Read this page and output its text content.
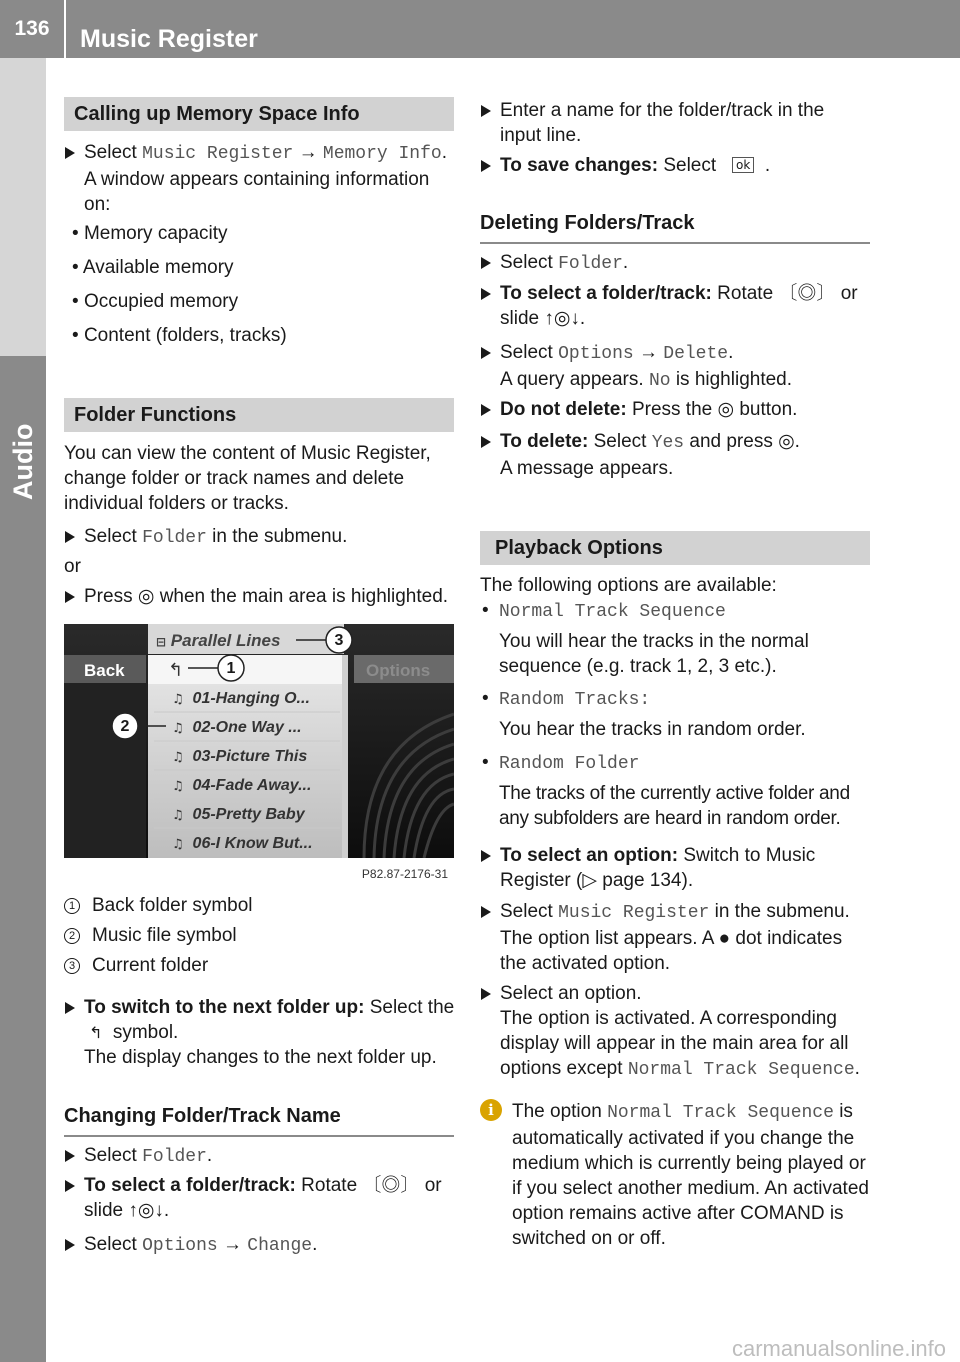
136	Music Register
Audio
Calling up Memory Space Info
Select Music Register → Memory Info.
A window appears containing information on:
• Memory capacity
• Available memory
• Occupied memory
• Content (folders, tracks)
Folder Functions
You can view the content of Music Register, change folder or track names and delete individual folders or tracks.
Select Folder in the submenu.
or
Press ◎ when the main area is highlighted.
Back	Options
⊟ Parallel Lines
↰
♫ 01-Hanging O...
♫ 02-One Way ...
♫ 03-Picture This
♫ 04-Fade Away...
♫ 05-Pretty Baby
♫ 06-I Know But...
1
2
3
P82.87-2176-31
1 Back folder symbol
2 Music file symbol
3 Current folder
To switch to the next folder up: Select the  ↰  symbol.
The display changes to the next folder up.
Changing Folder/Track Name
Select Folder.
To select a folder/track: Rotate 〔◎〕 or slide ↑◎↓.
Select Options → Change.
Enter a name for the folder/track in the input line.
To save changes: Select ok .
Deleting Folders/Track
Select Folder.
To select a folder/track: Rotate 〔◎〕 or slide ↑◎↓.
Select Options → Delete.
A query appears. No is highlighted.
Do not delete: Press the ◎ button.
To delete: Select Yes and press ◎.
A message appears.
Playback Options
The following options are available:
• Normal Track Sequence
You will hear the tracks in the normal sequence (e.g. track 1, 2, 3 etc.).
• Random Tracks:
You hear the tracks in random order.
• Random Folder
The tracks of the currently active folder and any subfolders are heard in random order.
To select an option: Switch to Music Register (▷ page 134).
Select Music Register in the submenu.
The option list appears. A ● dot indicates the activated option.
Select an option.
The option is activated. A corresponding display will appear in the main area for all options except Normal Track Sequence.
i The option Normal Track Sequence is automatically activated if you change the medium which is currently being played or if you select another medium. An activated option remains active after COMAND is switched on or off.
carmanualsonline.info
